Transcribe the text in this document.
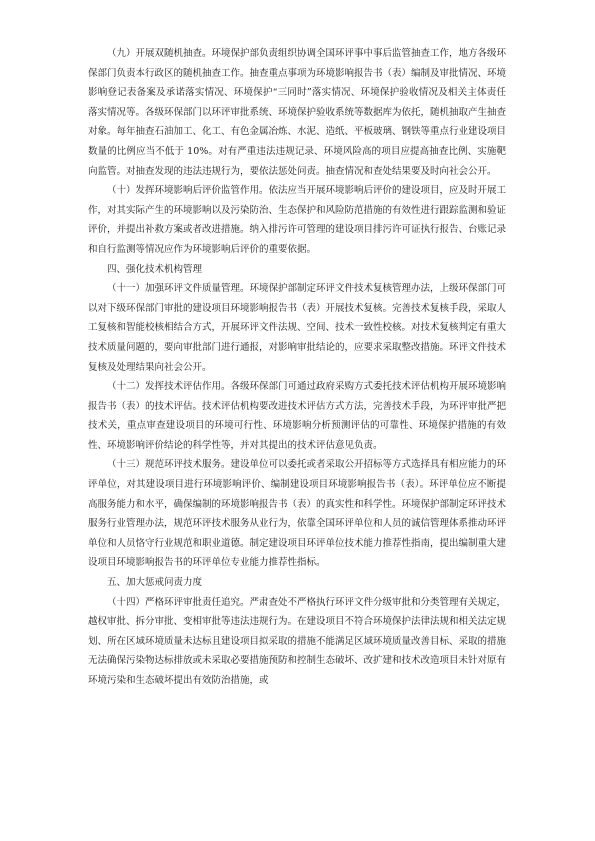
（九）开展双随机抽查。环境保护部负责组织协调全国环评事中事后监管抽查工作，地方各级环保部门负责本行政区的随机抽查工作。抽查重点事项为环境影响报告书（表）编制及审批情况、环境影响登记表备案及承诺落实情况、环境保护“三同时”落实情况、环境保护验收情况及相关主体责任落实情况等。各级环保部门以环评审批系统、环境保护验收系统等数据库为依托，随机抽取产生抽查对象。每年抽查石油加工、化工、有色金属冶炼、水泥、造纸、平板玻璃、钢铁等重点行业建设项目数量的比例应当不低于 10%。对有严重违法违规记录、环境风险高的项目应提高抽查比例、实施靶向监管。对抽查发现的违法违规行为，要依法惩处问责。抽查情况和查处结果要及时向社会公开。

（十）发挥环境影响后评价监管作用。依法应当开展环境影响后评价的建设项目，应及时开展工作，对其实际产生的环境影响以及污染防治、生态保护和风险防范措施的有效性进行跟踪监测和验证评价，并提出补救方案或者改进措施。纳入排污许可管理的建设项目排污许可证执行报告、台账记录和自行监测等情况应作为环境影响后评价的重要依据。

四、强化技术机构管理

（十一）加强环评文件质量管理。环境保护部制定环评文件技术复核管理办法，上级环保部门可以对下级环保部门审批的建设项目环境影响报告书（表）开展技术复核。完善技术复核手段，采取人工复核和智能校核相结合方式，开展环评文件法规、空间、技术一致性校核。对技术复核判定有重大技术质量问题的，要向审批部门进行通报，对影响审批结论的，应要求采取整改措施。环评文件技术复核及处理结果向社会公开。

（十二）发挥技术评估作用。各级环保部门可通过政府采购方式委托技术评估机构开展环境影响报告书（表）的技术评估。技术评估机构要改进技术评估方式方法，完善技术手段，为环评审批严把技术关，重点审查建设项目的环境可行性、环境影响分析预测评估的可靠性、环境保护措施的有效性、环境影响评价结论的科学性等，并对其提出的技术评估意见负责。

（十三）规范环评技术服务。建设单位可以委托或者采取公开招标等方式选择具有相应能力的环评单位，对其建设项目进行环境影响评价、编制建设项目环境影响报告书（表）。环评单位应不断提高服务能力和水平，确保编制的环境影响报告书（表）的真实性和科学性。环境保护部制定环评技术服务行业管理办法，规范环评技术服务从业行为，依靠全国环评单位和人员的诚信管理体系推动环评单位和人员恪守行业规范和职业道德。制定建设项目环评单位技术能力推荐性指南，提出编制重大建设项目环境影响报告书的环评单位专业能力推荐性指标。

五、加大惩戒问责力度

（十四）严格环评审批责任追究。严肃查处不严格执行环评文件分级审批和分类管理有关规定，越权审批、拆分审批、变相审批等违法违规行为。在建设项目不符合环境保护法律法规和相关法定规划、所在区域环境质量未达标且建设项目拟采取的措施不能满足区域环境质量改善目标、采取的措施无法确保污染物达标排放或未采取必要措施预防和控制生态破坏、改扩建和技术改造项目未针对原有环境污染和生态破坏提出有效防治措施，或
